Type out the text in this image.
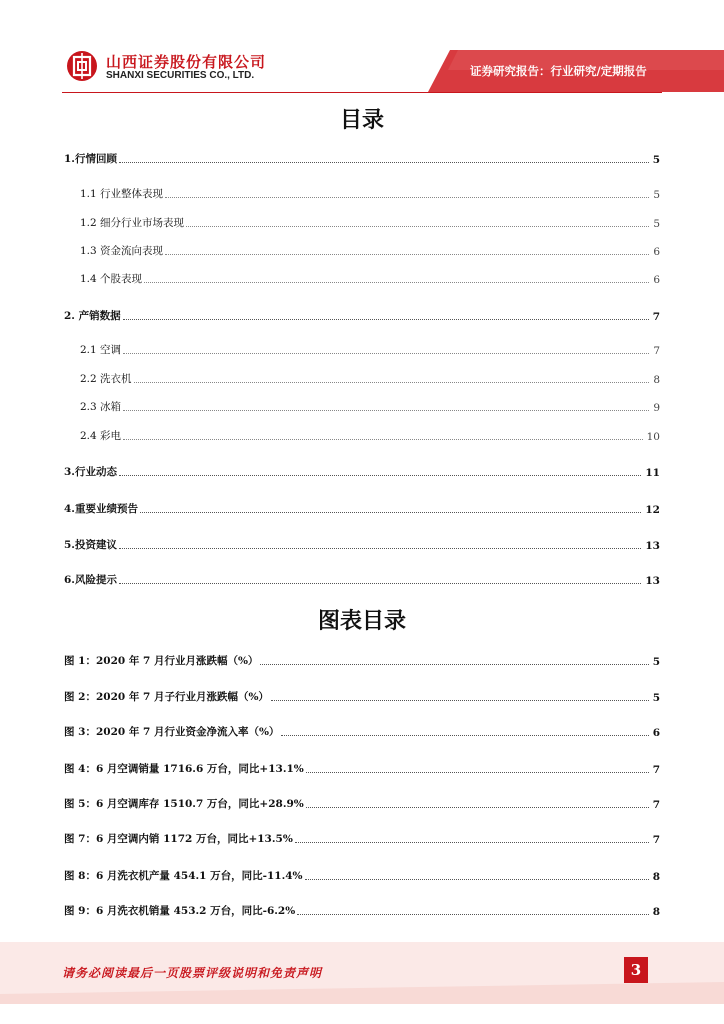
山西证券股份有限公司
SHANXI SECURITIES CO., LTD.	证券研究报告：行业研究/定期报告
目录
1.行情回顾	5
1.1 行业整体表现	5
1.2 细分行业市场表现	5
1.3 资金流向表现	6
1.4 个股表现	6
2. 产销数据	7
2.1 空调	7
2.2 洗衣机	8
2.3 冰箱	9
2.4 彩电	10
3.行业动态	11
4.重要业绩预告	12
5.投资建议	13
6.风险提示	13
图表目录
图 1：2020 年 7 月行业月涨跌幅（%）	5
图 2：2020 年 7 月子行业月涨跌幅（%）	5
图 3：2020 年 7 月行业资金净流入率（%）	6
图 4：6 月空调销量 1716.6 万台，同比+13.1%	7
图 5：6 月空调库存 1510.7 万台，同比+28.9%	7
图 7：6 月空调内销 1172 万台，同比+13.5%	7
图 8：6 月洗衣机产量 454.1 万台，同比-11.4%	8
图 9：6 月洗衣机销量 453.2 万台，同比-6.2%	8
请务必阅读最后一页股票评级说明和免责声明	3
